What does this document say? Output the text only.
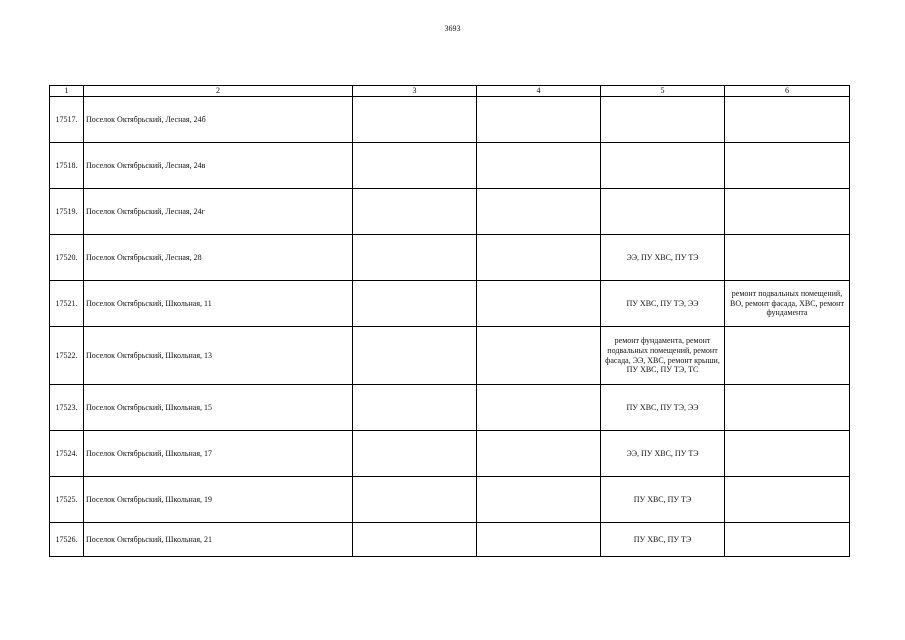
3693
1	2	3	4	5	6
17517.	Поселок Октябрьский, Лесная, 24б				
17518.	Поселок Октябрьский, Лесная, 24в				
17519.	Поселок Октябрьский, Лесная, 24г				
17520.	Поселок Октябрьский, Лесная, 28			ЭЭ, ПУ ХВС, ПУ ТЭ	
17521.	Поселок Октябрьский, Школьная, 11			ПУ ХВС, ПУ ТЭ, ЭЭ	ремонт подвальных помещений, ВО, ремонт фасада, ХВС, ремонт фундамента
17522.	Поселок Октябрьский, Школьная, 13			ремонт фундамента, ремонт подвальных помещений, ремонт фасада, ЭЭ, ХВС, ремонт крыши, ПУ ХВС, ПУ ТЭ, ТС	
17523.	Поселок Октябрьский, Школьная, 15			ПУ ХВС, ПУ ТЭ, ЭЭ	
17524.	Поселок Октябрьский, Школьная, 17			ЭЭ, ПУ ХВС, ПУ ТЭ	
17525.	Поселок Октябрьский, Школьная, 19			ПУ ХВС, ПУ ТЭ	
17526.	Поселок Октябрьский, Школьная, 21			ПУ ХВС, ПУ ТЭ	
